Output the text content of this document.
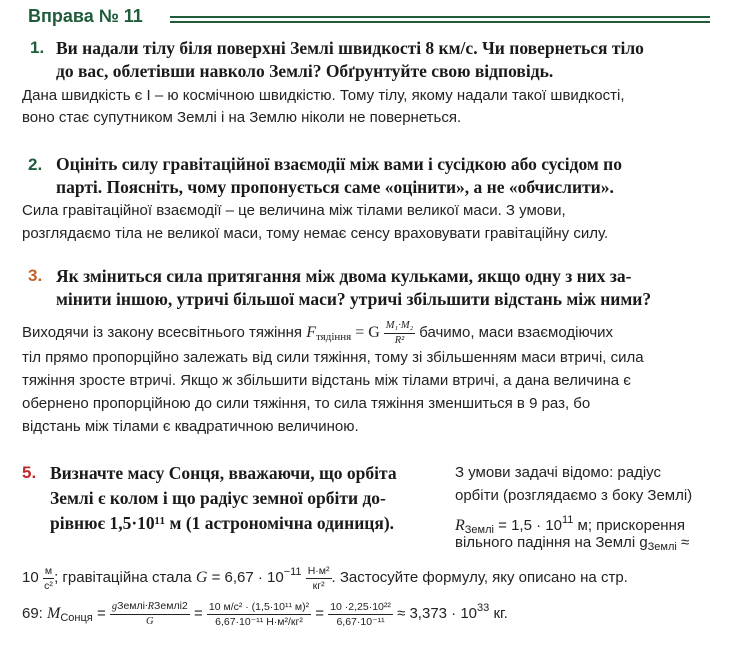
Вправа № 11
1. Ви надали тілу біля поверхні Землі швидкості 8 км/с. Чи повернеться тіло
до вас, облетівши навколо Землі? Обґрунтуйте свою відповідь.
Дана швидкість є І – ю космічною швидкістю. Тому тілу, якому надали такої швидкості,
воно стає супутником Землі і на Землю ніколи не повернеться.
2. Оцініть силу гравітаційної взаємодії між вами і сусідкою або сусідом по
парті. Поясніть, чому пропонується саме «оцінити», а не «обчислити».
Сила гравітаційної взаємодії – це величина між тілами великої маси. З умови,
розглядаємо тіла не великої маси, тому немає сенсу враховувати гравітаційну силу.
3. Як зміниться сила притягання між двома кульками, якщо одну з них за-
мінити іншою, утричі більшої маси? утричі збільшити відстань між ними?
Виходячи із закону всесвітнього тяжіння $F_{тядіння} = G \frac{\text{M₁·M₂}}{\text{R²}}$ бачимо, маси взаємодіючих
тіл прямо пропорційно залежать від сили тяжіння, тому зі збільшенням маси втричі, сила
тяжіння зросте втричі. Якщо ж збільшити відстань між тілами втричі, а дана величина є
обернено пропорційною до сили тяжіння, то сила тяжіння зменшиться в 9 раз, бо
відстань між тілами є квадратичною величиною.
5. Визначте масу Сонця, вважаючи, що орбіта
Землі є колом і що радіус земної орбіти до-
рівнює 1,5·10¹¹ м (1 астрономічна одиниця).
З умови задачі відомо: радіус
орбіти (розглядаємо з боку Землі)
$R_{Землі} = 1,5 \cdot 10^{11}$ м; прискорення
вільного падіння на Землі $g_{Землі}$ ≈
$10 \frac{м}{\text{с²}}$ ; гравітаційна стала $G = 6,67 \cdot 10^{-11} \frac{\text{Н·м²}}{\text{кг²}}$ . Застосуйте формулу, яку описано на стр.
69: $M_{Сонця} = \frac{\text{gЗемлі·RЗемлі2}}{G} = \frac{\text{10 м/с² · (1,5·10¹¹ м)²}}{\text{6,67·10⁻¹¹ Н·м²/кг²}} = \frac{\text{10 ·2,25·10²²}}{\text{6,67·10⁻¹¹}} \approx 3,373 \cdot 10^{33}$ кг.
